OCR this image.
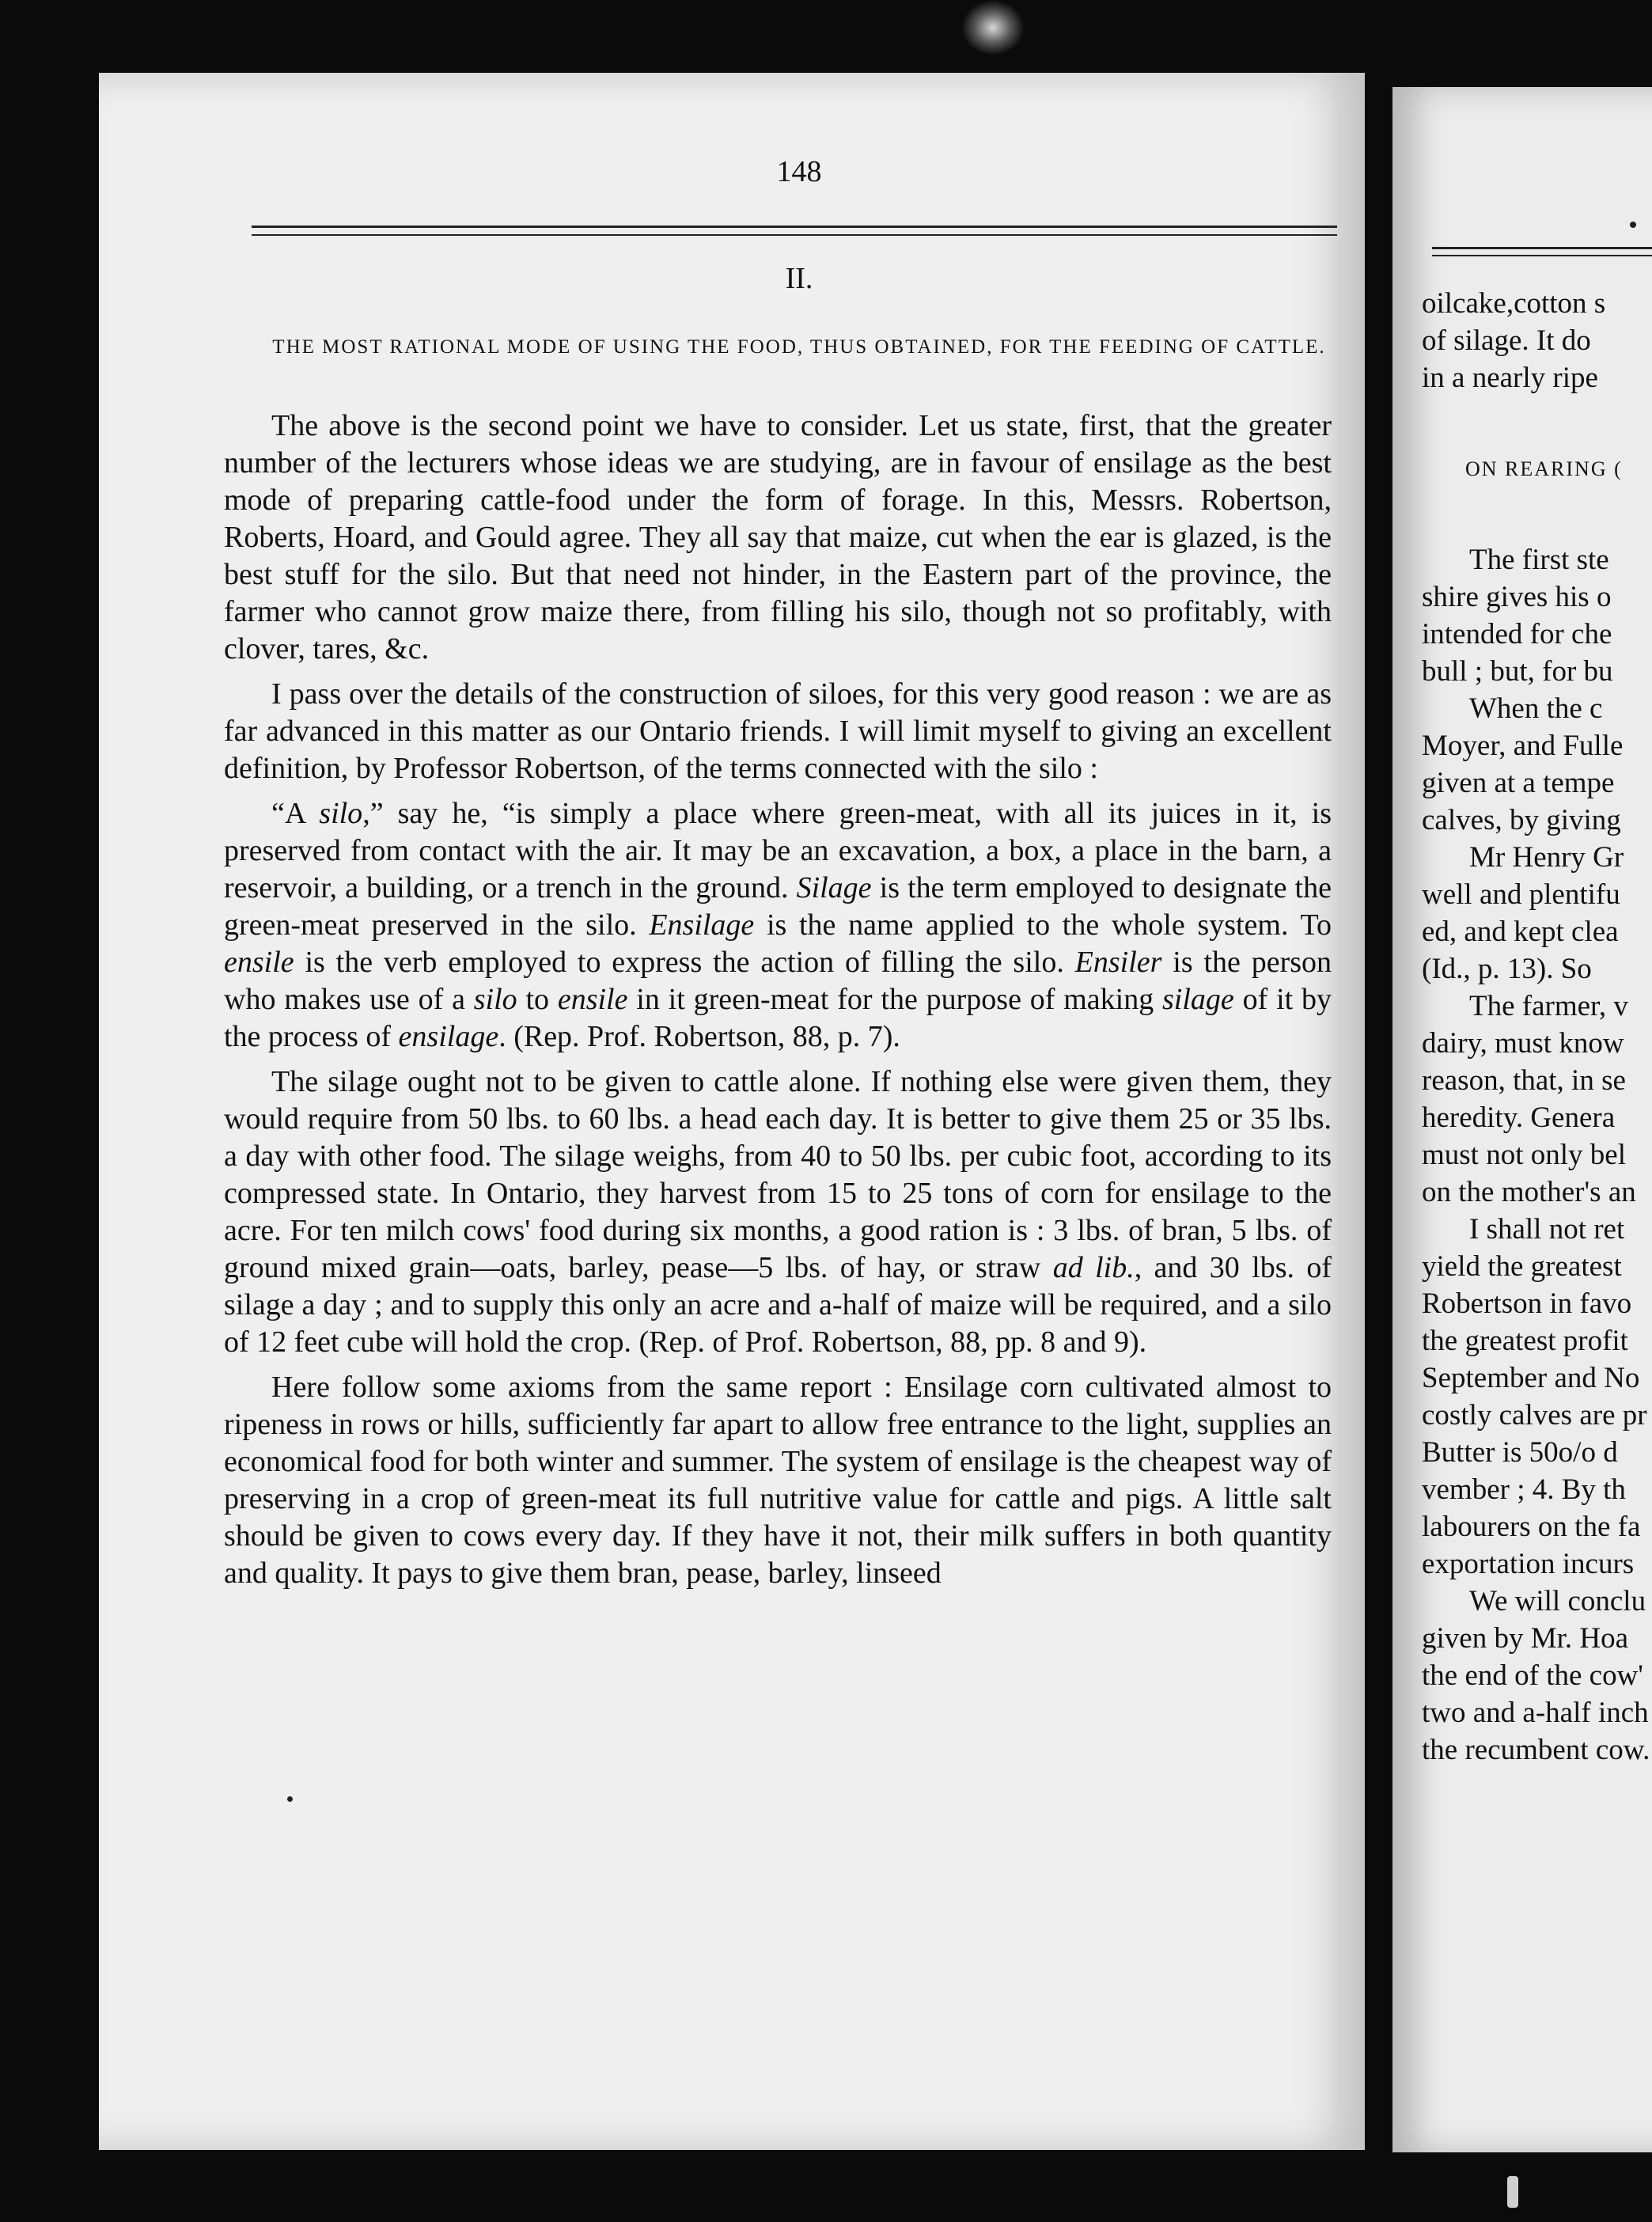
148
II.
THE MOST RATIONAL MODE OF USING THE FOOD, THUS OBTAINED, FOR THE FEEDING OF CATTLE.

The above is the second point we have to consider. Let us state, first, that the greater number of the lecturers whose ideas we are studying, are in favour of ensilage as the best mode of preparing cattle-food under the form of forage. In this, Messrs. Robertson, Roberts, Hoard, and Gould agree. They all say that maize, cut when the ear is glazed, is the best stuff for the silo. But that need not hinder, in the Eastern part of the province, the farmer who cannot grow maize there, from filling his silo, though not so profitably, with clover, tares, &c.

I pass over the details of the construction of siloes, for this very good reason : we are as far advanced in this matter as our Ontario friends. I will limit myself to giving an excellent definition, by Professor Robertson, of the terms connected with the silo :

“A silo,” say he, “is simply a place where green-meat, with all its juices in it, is preserved from contact with the air. It may be an excavation, a box, a place in the barn, a reservoir, a building, or a trench in the ground. Silage is the term employed to designate the green-meat preserved in the silo. Ensilage is the name applied to the whole system. To ensile is the verb employed to express the action of filling the silo. Ensiler is the person who makes use of a silo to ensile in it green-meat for the purpose of making silage of it by the process of ensilage. (Rep. Prof. Robertson, 88, p. 7).

The silage ought not to be given to cattle alone. If nothing else were given them, they would require from 50 lbs. to 60 lbs. a head each day. It is better to give them 25 or 35 lbs. a day with other food. The silage weighs, from 40 to 50 lbs. per cubic foot, according to its compressed state. In Ontario, they harvest from 15 to 25 tons of corn for ensilage to the acre. For ten milch cows' food during six months, a good ration is : 3 lbs. of bran, 5 lbs. of ground mixed grain—oats, barley, pease—5 lbs. of hay, or straw ad lib., and 30 lbs. of silage a day ; and to supply this only an acre and a-half of maize will be required, and a silo of 12 feet cube will hold the crop. (Rep. of Prof. Robertson, 88, pp. 8 and 9).

Here follow some axioms from the same report : Ensilage corn cultivated almost to ripeness in rows or hills, sufficiently far apart to allow free entrance to the light, supplies an economical food for both winter and summer. The system of ensilage is the cheapest way of preserving in a crop of green-meat its full nutritive value for cattle and pigs. A little salt should be given to cows every day. If they have it not, their milk suffers in both quantity and quality. It pays to give them bran, pease, barley, linseed

oilcake,cotton s
of silage. It do
in a nearly ripe
ON REARING (
The first ste
shire gives his o
intended for che
bull ; but, for bu
When the c
Moyer, and Fulle
given at a tempe
calves, by giving
Mr Henry Gr
well and plentifu
ed, and kept clea
(Id., p. 13). So
The farmer, v
dairy, must know
reason, that, in se
heredity. Genera
must not only bel
on the mother's an
I shall not ret
yield the greatest
Robertson in favo
the greatest profit
September and No
costly calves are pr
Butter is 50o/o d
vember ; 4. By th
labourers on the fa
exportation incurs
We will conclu
given by Mr. Hoa
the end of the cow'
two and a-half inch
the recumbent cow.
